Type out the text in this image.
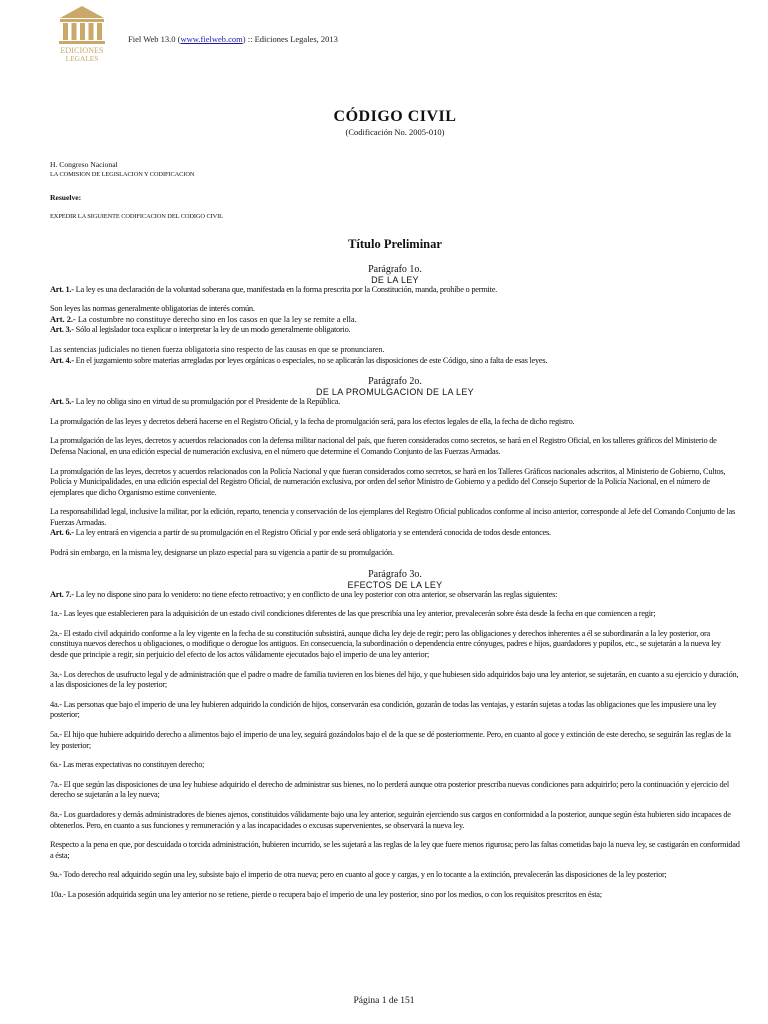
EDICIONES
LEGALES
Fiel Web 13.0 (www.fielweb.com) :: Ediciones Legales, 2013
CÓDIGO CIVIL
(Codificación No. 2005-010)
H. Congreso Nacional
LA COMISION DE LEGISLACION Y CODIFICACION
Resuelve:
EXPEDIR LA SIGUIENTE CODIFICACION DEL CODIGO CIVIL
Título Preliminar
Parágrafo 1o.
DE LA LEY

Art. 1.- La ley es una declaración de la voluntad soberana que, manifestada en la forma prescrita por la Constitución, manda, prohíbe o permite.

Son leyes las normas generalmente obligatorias de interés común.

Art. 2.- La costumbre no constituye derecho sino en los casos en que la ley se remite a ella.

Art. 3.- Sólo al legislador toca explicar o interpretar la ley de un modo generalmente obligatorio.

Las sentencias judiciales no tienen fuerza obligatoria sino respecto de las causas en que se pronunciaren.

Art. 4.- En el juzgamiento sobre materias arregladas por leyes orgánicas o especiales, no se aplicarán las disposiciones de este Código, sino a falta de esas leyes.

Parágrafo 2o.
DE LA PROMULGACION DE LA LEY

Art. 5.- La ley no obliga sino en virtud de su promulgación por el Presidente de la República.

La promulgación de las leyes y decretos deberá hacerse en el Registro Oficial, y la fecha de promulgación será, para los efectos legales de ella, la fecha de dicho registro.

La promulgación de las leyes, decretos y acuerdos relacionados con la defensa militar nacional del país, que fueren considerados como secretos, se hará en el Registro Oficial, en los talleres gráficos del Ministerio de Defensa Nacional, en una edición especial de numeración exclusiva, en el número que determine el Comando Conjunto de las Fuerzas Armadas.

La promulgación de las leyes, decretos y acuerdos relacionados con la Policía Nacional y que fueran considerados como secretos, se hará en los Talleres Gráficos nacionales adscritos, al Ministerio de Gobierno, Cultos, Policía y Municipalidades, en una edición especial del Registro Oficial, de numeración exclusiva, por orden del señor Ministro de Gobierno y a pedido del Consejo Superior de la Policía Nacional, en el número de ejemplares que dicho Organismo estime conveniente.

La responsabilidad legal, inclusive la militar, por la edición, reparto, tenencia y conservación de los ejemplares del Registro Oficial publicados conforme al inciso anterior, corresponde al Jefe del Comando Conjunto de las Fuerzas Armadas.

Art. 6.- La ley entrará en vigencia a partir de su promulgación en el Registro Oficial y por ende será obligatoria y se entenderá conocida de todos desde entonces.

Podrá sin embargo, en la misma ley, designarse un plazo especial para su vigencia a partir de su promulgación.

Parágrafo 3o.
EFECTOS DE LA LEY

Art. 7.- La ley no dispone sino para lo venidero: no tiene efecto retroactivo; y en conflicto de una ley posterior con otra anterior, se observarán las reglas siguientes:

1a.- Las leyes que establecieren para la adquisición de un estado civil condiciones diferentes de las que prescribía una ley anterior, prevalecerán sobre ésta desde la fecha en que comiencen a regir;

2a.- El estado civil adquirido conforme a la ley vigente en la fecha de su constitución subsistirá, aunque dicha ley deje de regir; pero las obligaciones y derechos inherentes a él se subordinarán a la ley posterior, ora constituya nuevos derechos u obligaciones, o modifique o derogue los antiguos. En consecuencia, la subordinación o dependencia entre cónyuges, padres e hijos, guardadores y pupilos, etc., se sujetarán a la nueva ley desde que principie a regir, sin perjuicio del efecto de los actos válidamente ejecutados bajo el imperio de una ley anterior;

3a.- Los derechos de usufructo legal y de administración que el padre o madre de familia tuvieren en los bienes del hijo, y que hubiesen sido adquiridos bajo una ley anterior, se sujetarán, en cuanto a su ejercicio y duración, a las disposiciones de la ley posterior;

4a.- Las personas que bajo el imperio de una ley hubieren adquirido la condición de hijos, conservarán esa condición, gozarán de todas las ventajas, y estarán sujetas a todas las obligaciones que les impusiere una ley posterior;

5a.- El hijo que hubiere adquirido derecho a alimentos bajo el imperio de una ley, seguirá gozándolos bajo el de la que se dé posteriormente. Pero, en cuanto al goce y extinción de este derecho, se seguirán las reglas de la ley posterior;

6a.- Las meras expectativas no constituyen derecho;

7a.- El que según las disposiciones de una ley hubiese adquirido el derecho de administrar sus bienes, no lo perderá aunque otra posterior prescriba nuevas condiciones para adquirirlo; pero la continuación y ejercicio del derecho se sujetarán a la ley nueva;

8a.- Los guardadores y demás administradores de bienes ajenos, constituidos válidamente bajo una ley anterior, seguirán ejerciendo sus cargos en conformidad a la posterior, aunque según ésta hubieren sido incapaces de obtenerlos. Pero, en cuanto a sus funciones y remuneración y a las incapacidades o excusas supervenientes, se observará la nueva ley.

Respecto a la pena en que, por descuidada o torcida administración, hubieren incurrido, se les sujetará a las reglas de la ley que fuere menos rigurosa; pero las faltas cometidas bajo la nueva ley, se castigarán en conformidad a ésta;

9a.- Todo derecho real adquirido según una ley, subsiste bajo el imperio de otra nueva; pero en cuanto al goce y cargas, y en lo tocante a la extinción, prevalecerán las disposiciones de la ley posterior;

10a.- La posesión adquirida según una ley anterior no se retiene, pierde o recupera bajo el imperio de una ley posterior, sino por los medios, o con los requisitos prescritos en ésta;

Página 1 de 151
